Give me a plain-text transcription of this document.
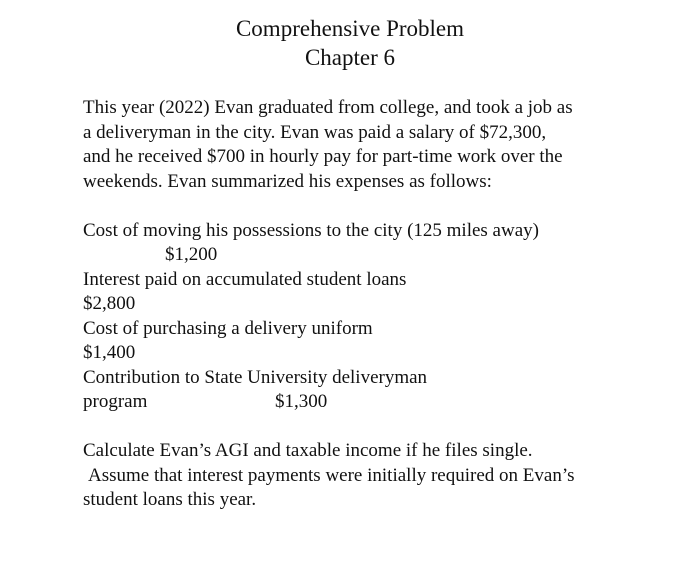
Comprehensive Problem
Chapter 6
This year (2022) Evan graduated from college, and took a job as
a deliveryman in the city. Evan was paid a salary of $72,300,
and he received $700 in hourly pay for part-time work over the
weekends. Evan summarized his expenses as follows:
Cost of moving his possessions to the city (125 miles away)
$1,200
Interest paid on accumulated student loans
$2,800
Cost of purchasing a delivery uniform
$1,400
Contribution to State University deliveryman
program	$1,300
Calculate Evan’s AGI and taxable income if he files single.
Assume that interest payments were initially required on Evan’s
student loans this year.
